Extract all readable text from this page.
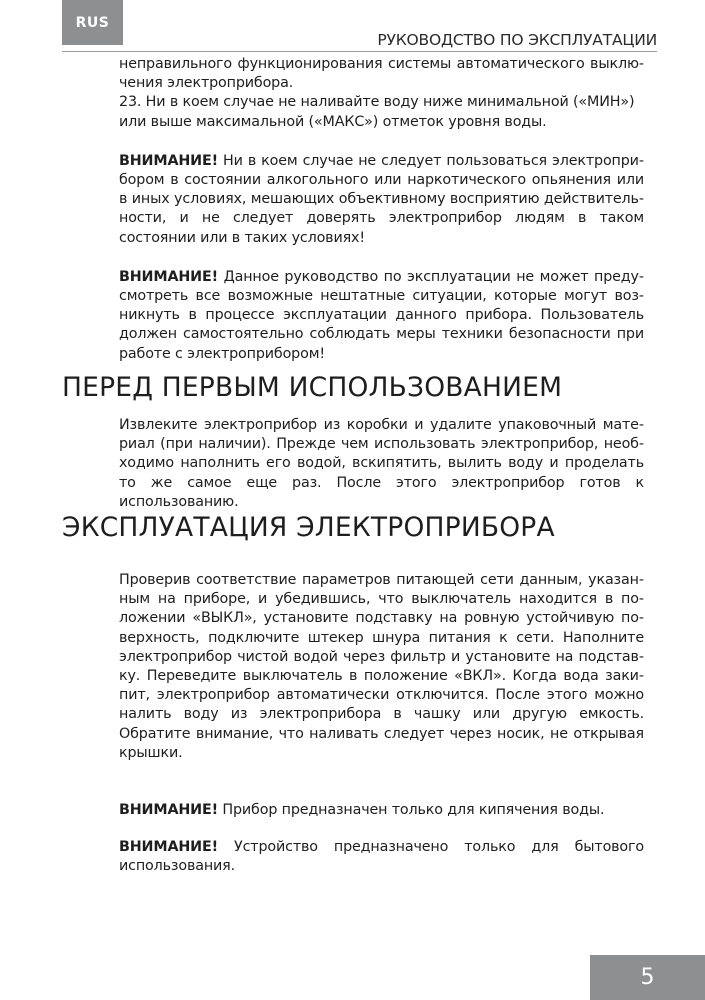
RUS
РУКОВОДСТВО ПО ЭКСПЛУАТАЦИИ

неправильного функционирования системы автоматического выключения электроприбора.

23. Ни в коем случае не наливайте воду ниже минимальной («МИН») или выше максимальной («МАКС») отметок уровня воды.

ВНИМАНИЕ! Ни в коем случае не следует пользоваться электроприбором в состоянии алкогольного или наркотического опьянения или в иных условиях, мешающих объективному восприятию действительности, и не следует доверять электроприбор людям в таком состоянии или в таких условиях!

ВНИМАНИЕ! Данное руководство по эксплуатации не может предусмотреть все возможные нештатные ситуации, которые могут возникнуть в процессе эксплуатации данного прибора. Пользователь должен самостоятельно соблюдать меры техники безопасности при работе с электроприбором!

ПЕРЕД ПЕРВЫМ ИСПОЛЬЗОВАНИЕМ

Извлеките электроприбор из коробки и удалите упаковочный материал (при наличии). Прежде чем использовать электроприбор, необходимо наполнить его водой, вскипятить, вылить воду и проделать то же самое еще раз. После этого электроприбор готов к использованию.

ЭКСПЛУАТАЦИЯ ЭЛЕКТРОПРИБОРА

Проверив соответствие параметров питающей сети данным, указанным на приборе, и убедившись, что выключатель находится в положении «ВЫКЛ», установите подставку на ровную устойчивую поверхность, подключите штекер шнура питания к сети. Наполните электроприбор чистой водой через фильтр и установите на подставку. Переведите выключатель в положение «ВКЛ». Когда вода закипит, электроприбор автоматически отключится. После этого можно налить воду из электроприбора в чашку или другую емкость. Обратите внимание, что наливать следует через носик, не открывая крышки.

ВНИМАНИЕ! Прибор предназначен только для кипячения воды.

ВНИМАНИЕ! Устройство предназначено только для бытового использования.

5
